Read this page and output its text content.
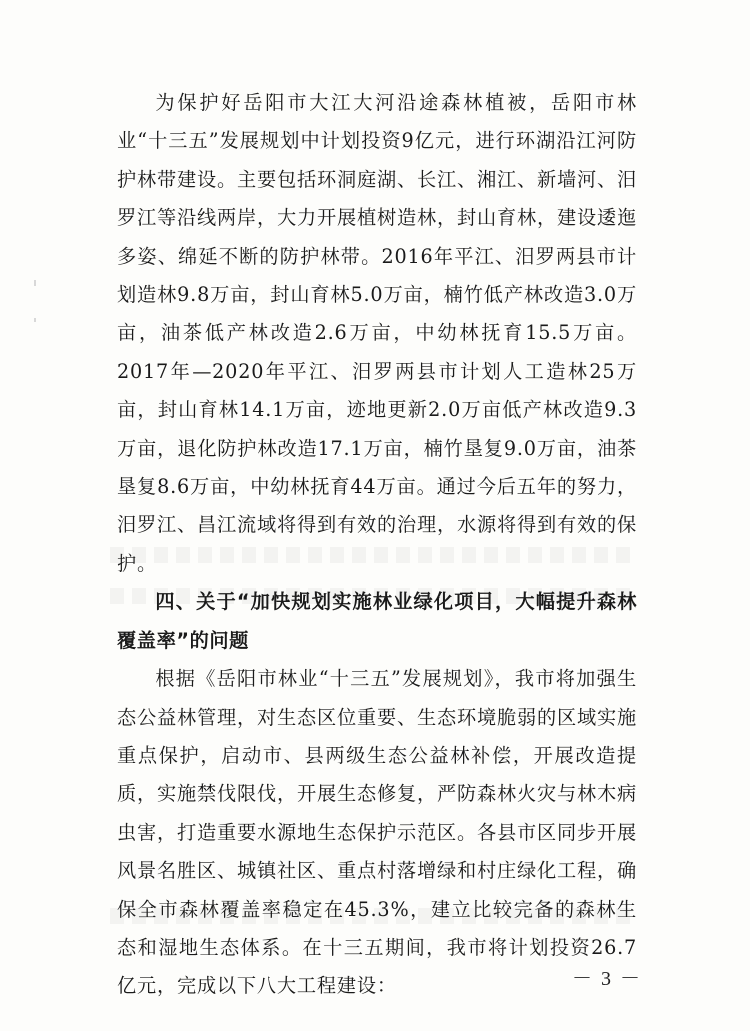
为保护好岳阳市大江大河沿途森林植被，岳阳市林业“十三五”发展规划中计划投资9亿元，进行环湖沿江河防护林带建设。主要包括环洞庭湖、长江、湘江、新墙河、汨罗江等沿线两岸，大力开展植树造林，封山育林，建设逶迤多姿、绵延不断的防护林带。2016年平江、汨罗两县市计划造林9.8万亩，封山育林5.0万亩，楠竹低产林改造3.0万亩，油茶低产林改造2.6万亩，中幼林抚育15.5万亩。2017年—2020年平江、汨罗两县市计划人工造林25万亩，封山育林14.1万亩，迹地更新2.0万亩低产林改造9.3万亩，退化防护林改造17.1万亩，楠竹垦复9.0万亩，油茶垦复8.6万亩，中幼林抚育44万亩。通过今后五年的努力，汨罗江、昌江流域将得到有效的治理，水源将得到有效的保护。

四、关于“加快规划实施林业绿化项目，大幅提升森林覆盖率”的问题

根据《岳阳市林业“十三五”发展规划》，我市将加强生态公益林管理，对生态区位重要、生态环境脆弱的区域实施重点保护，启动市、县两级生态公益林补偿，开展改造提质，实施禁伐限伐，开展生态修复，严防森林火灾与林木病虫害，打造重要水源地生态保护示范区。各县市区同步开展风景名胜区、城镇社区、重点村落增绿和村庄绿化工程，确保全市森林覆盖率稳定在45.3%，建立比较完备的森林生态和湿地生态体系。在十三五期间，我市将计划投资26.7亿元，完成以下八大工程建设：	－ 3 －
